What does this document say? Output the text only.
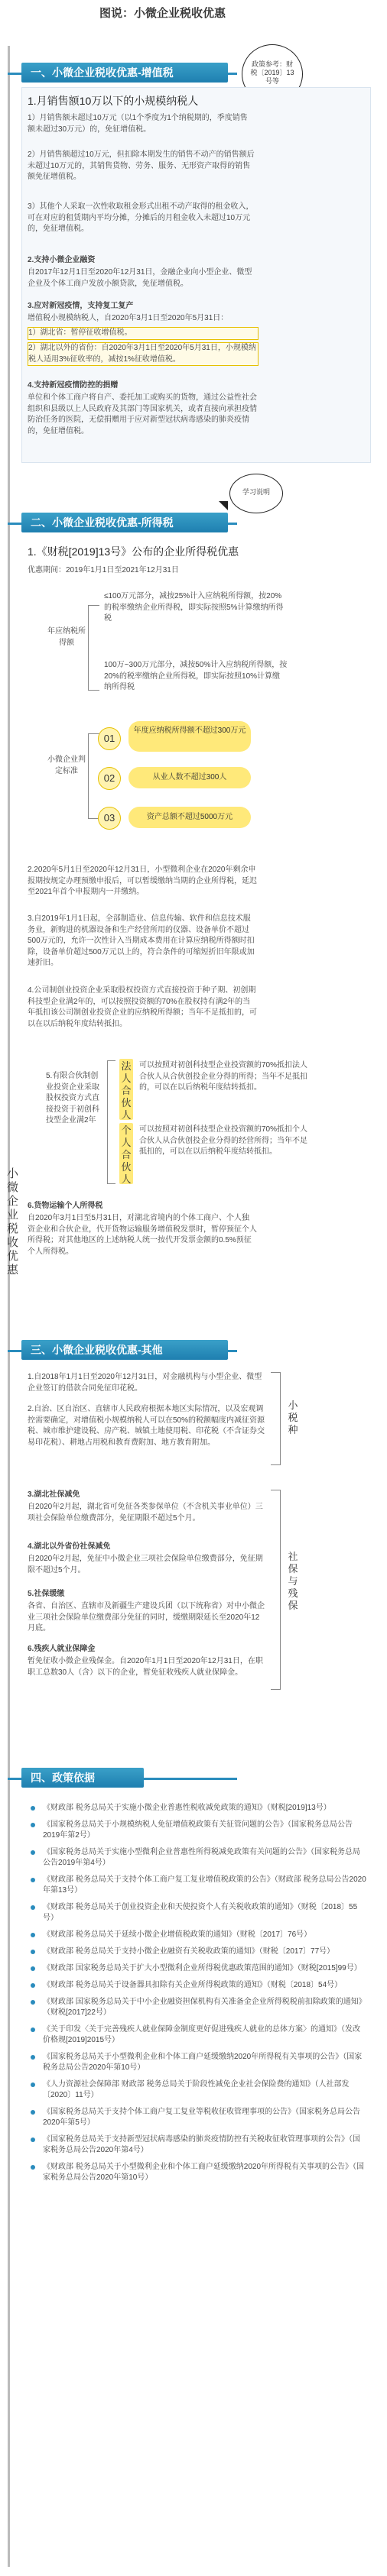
图说：小微企业税收优惠
小微企业税收优惠
政策参考：财税〔2019〕13号等
学习说明
一、小微企业税收优惠-增值税
1.月销售额10万以下的小规模纳税人
1）月销售额未超过10万元（以1个季度为1个纳税期的，季度销售额未超过30万元）的，免征增值税。
2）月销售额超过10万元，但扣除本期发生的销售不动产的销售额后未超过10万元的，其销售货物、劳务、服务、无形资产取得的销售额免征增值税。
3）其他个人采取一次性收取租金形式出租不动产取得的租金收入，可在对应的租赁期内平均分摊，分摊后的月租金收入未超过10万元的，免征增值税。
2.支持小微企业融资
自2017年12月1日至2020年12月31日，金融企业向小型企业、微型企业及个体工商户发放小额贷款，免征增值税。
3.应对新冠疫情，支持复工复产
增值税小规模纳税人，自2020年3月1日至2020年5月31日：
1）湖北省：暂停征收增值税。
2）湖北以外的省份：自2020年3月1日至2020年5月31日，小规模纳税人适用3%征收率的，减按1%征收增值税。
4.支持新冠疫情防控的捐赠
单位和个体工商户将自产、委托加工或购买的货物，通过公益性社会组织和县级以上人民政府及其部门等国家机关，或者直接向承担疫情防治任务的医院，无偿捐赠用于应对新型冠状病毒感染的肺炎疫情的，免征增值税。
二、小微企业税收优惠-所得税
1.《财税[2019]13号》公布的企业所得税优惠
优惠期间：2019年1月1日至2021年12月31日
年应纳税所得额
≤100万元部分，减按25%计入应纳税所得额，按20%的税率缴纳企业所得税，即实际按照5%计算缴纳所得税
100万~300万元部分，减按50%计入应纳税所得额，按20%的税率缴纳企业所得税，即实际按照10%计算缴纳所得税
小微企业判定标准
01
年度应纳税所得额不超过300万元
02	从业人数不超过300人
03	资产总额不超过5000万元
2.2020年5月1日至2020年12月31日，小型微利企业在2020年剩余申报期按规定办理预缴申报后，可以暂缓缴纳当期的企业所得税，延迟至2021年首个申报期内一并缴纳。
3.自2019年1月1日起，全部制造业、信息传输、软件和信息技术服务业，新购进的机器设备和生产经营所用的仪器、设备单价不超过500万元的，允许一次性计入当期成本费用在计算应纳税所得额时扣除，设备单价超过500万元以上的，符合条件的可缩短折旧年限或加速折旧。
4.公司制创业投资企业采取股权投资方式直接投资于种子期、初创期科技型企业满2年的，可以按照投资额的70%在股权持有满2年的当年抵扣该公司制创业投资企业的应纳税所得额；当年不足抵扣的，可以在以后纳税年度结转抵扣。
5.有限合伙制创业投资企业采取股权投资方式直接投资于初创科技型企业满2年
法人合伙人
个人合伙人
可以按照对初创科技型企业投资额的70%抵扣法人合伙人从合伙创投企业分得的所得；当年不足抵扣的，可以在以后纳税年度结转抵扣。
可以按照对初创科技型企业投资额的70%抵扣个人合伙人从合伙创投企业分得的经营所得；当年不足抵扣的，可以在以后纳税年度结转抵扣。
6.货物运输个人所得税
自2020年3月1日至5月31日，对湖北省境内的个体工商户、个人独资企业和合伙企业，代开货物运输服务增值税发票时，暂停预征个人所得税；对其他地区的上述纳税人统一按代开发票金额的0.5%预征个人所得税。
三、小微企业税收优惠-其他
1.自2018年1月1日至2020年12月31日，对金融机构与小型企业、微型企业签订的借款合同免征印花税。
2.自治、区自治区、直辖市人民政府根据本地区实际情况，以及宏观调控需要确定，对增值税小规模纳税人可以在50%的税额幅度内减征资源税、城市维护建设税、房产税、城镇土地使用税、印花税（不含证券交易印花税）、耕地占用税和教育费附加、地方教育附加。
小税种
3.湖北社保减免
自2020年2月起，湖北省可免征各类参保单位（不含机关事业单位）三项社会保险单位缴费部分，免征期限不超过5个月。
4.湖北以外省份社保减免
自2020年2月起，免征中小微企业三项社会保险单位缴费部分，免征期限不超过5个月。
5.社保缓缴
各省、自治区、直辖市及新疆生产建设兵团（以下统称省）对中小微企业三项社会保险单位缴费部分免征的同时，缓缴期限延长至2020年12月底。
6.残疾人就业保障金
暂免征收小微企业残保金。自2020年1月1日至2020年12月31日，在职职工总数30人（含）以下的企业，暂免征收残疾人就业保障金。
社保与残保
四、政策依据
《财政部 税务总局关于实施小微企业普惠性税收减免政策的通知》（财税[2019]13号）
《国家税务总局关于小规模纳税人免征增值税政策有关征管问题的公告》（国家税务总局公告2019年第2号）
《国家税务总局关于实施小型微利企业普惠性所得税减免政策有关问题的公告》（国家税务总局公告2019年第4号）
《财政部 税务总局关于支持个体工商户复工复业增值税政策的公告》（财政部 税务总局公告2020年第13号）
《财政部 税务总局关于创业投资企业和天使投资个人有关税收政策的通知》（财税〔2018〕55号）
《财政部 税务总局关于延续小微企业增值税政策的通知》（财税〔2017〕76号）
《财政部 税务总局关于支持小微企业融资有关税收政策的通知》（财税〔2017〕77号）
《财政部 国家税务总局关于扩大小型微利企业所得税优惠政策范围的通知》（财税[2015]99号）
《财政部 税务总局关于设备器具扣除有关企业所得税政策的通知》（财税〔2018〕54号）
《财政部 国家税务总局关于中小企业融资担保机构有关准备金企业所得税税前扣除政策的通知》（财税[2017]22号）
《关于印发〈关于完善残疾人就业保障金制度更好促进残疾人就业的总体方案〉的通知》（发改价格规[2019]2015号）
《国家税务总局关于小型微利企业和个体工商户延缓缴纳2020年所得税有关事项的公告》（国家税务总局公告2020年第10号）
《人力资源社会保障部 财政部 税务总局关于阶段性减免企业社会保险费的通知》（人社部发〔2020〕11号）
《国家税务总局关于支持个体工商户复工复业等税收征收管理事项的公告》（国家税务总局公告2020年第5号）
《国家税务总局关于支持新型冠状病毒感染的肺炎疫情防控有关税收征收管理事项的公告》（国家税务总局公告2020年第4号）
《财政部 税务总局关于小型微利企业和个体工商户延缓缴纳2020年所得税有关事项的公告》（国家税务总局公告2020年第10号）
